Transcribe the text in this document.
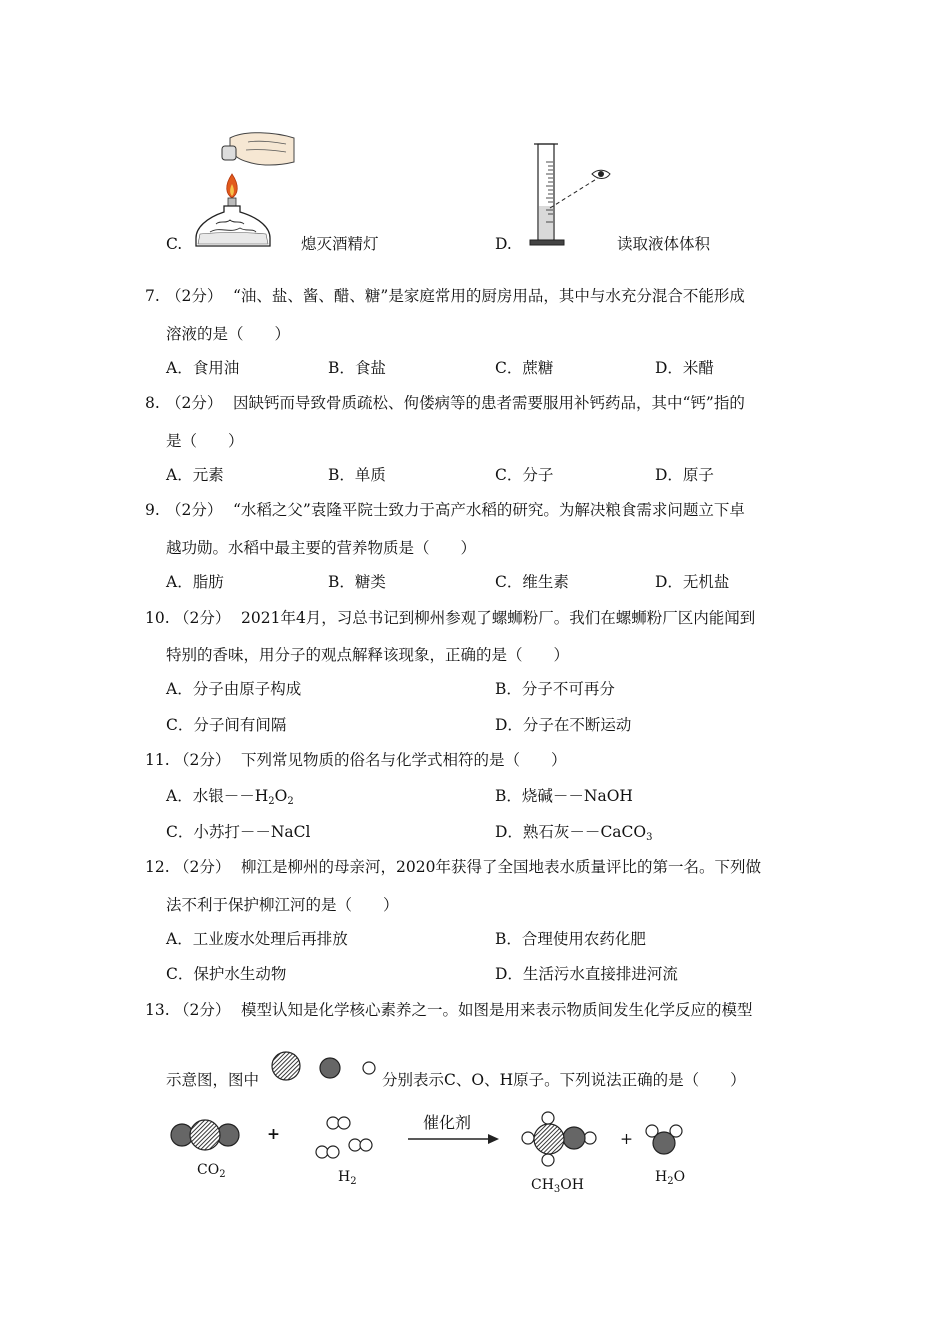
C.	熄灭酒精灯	D.	读取液体体积
7. （2分） “油、盐、酱、醋、糖”是家庭常用的厨房用品，其中与水充分混合不能形成
溶液的是（　　）
A．食用油	B．食盐	C．蔗糖	D．米醋
8. （2分） 因缺钙而导致骨质疏松、佝偻病等的患者需要服用补钙药品，其中“钙”指的
是（　　）
A．元素	B．单质	C．分子	D．原子
9. （2分） “水稻之父”袁隆平院士致力于高产水稻的研究。为解决粮食需求问题立下卓
越功勋。水稻中最主要的营养物质是（　　）
A．脂肪	B．糖类	C．维生素	D．无机盐
10. （2分） 2021年4月，习总书记到柳州参观了螺蛳粉厂。我们在螺蛳粉厂区内能闻到
特别的香味，用分子的观点解释该现象，正确的是（　　）
A．分子由原子构成	B．分子不可再分
C．分子间有间隔	D．分子在不断运动
11. （2分） 下列常见物质的俗名与化学式相符的是（　　）
A．水银$--H_2O_2$	B．烧碱－－NaOH
C．小苏打－－NaCl	D．熟石灰－－CaCO$_3$
12. （2分） 柳江是柳州的母亲河，2020年获得了全国地表水质量评比的第一名。下列做
法不利于保护柳江河的是（　　）
A．工业废水处理后再排放	B．合理使用农药化肥
C．保护水生动物	D．生活污水直接排进河流
13. （2分） 模型认知是化学核心素养之一。如图是用来表示物质间发生化学反应的模型
示意图，图中	分别表示C、O、H原子。下列说法正确的是（　　）
$CO_2$
+
$H_2$
催化剂
$CH_3OH$
+
$H_2O$
